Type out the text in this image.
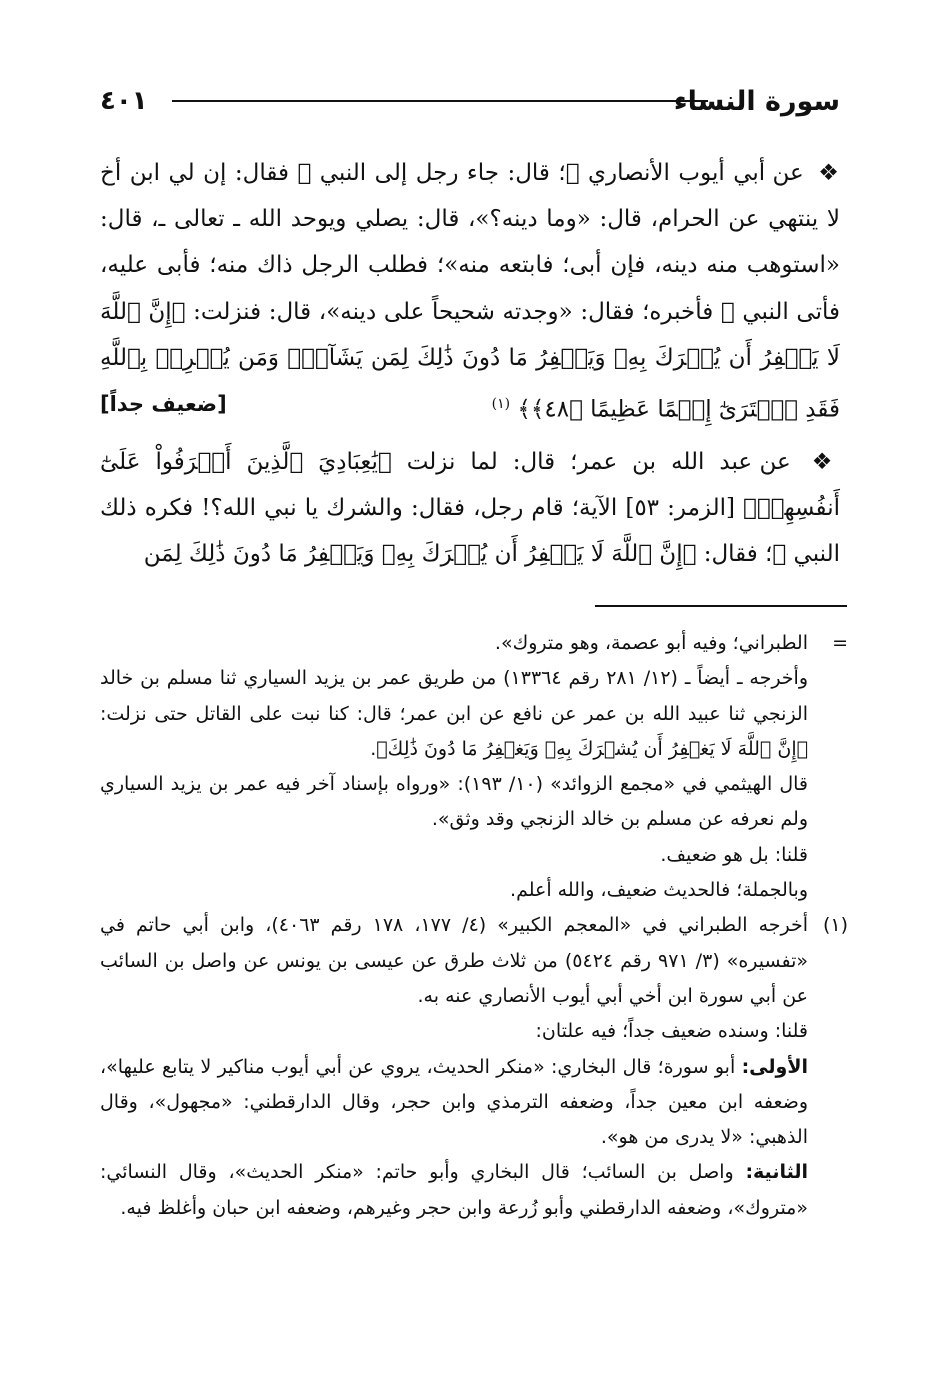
سورة النساء
٤٠١

❖ عن أبي أيوب الأنصاري ﷺ؛ قال: جاء رجل إلى النبي ﷺ فقال: إن لي ابن أخ لا ينتهي عن الحرام، قال: «وما دينه؟»، قال: يصلي ويوحد الله ـ تعالى ـ، قال: «استوهب منه دينه، فإن أبى؛ فابتعه منه»؛ فطلب الرجل ذاك منه؛ فأبى عليه، فأتى النبي ﷺ فأخبره؛ فقال: «وجدته شحيحاً على دينه»، قال: فنزلت: ﴿إِنَّ ٱللَّهَ لَا يَغۡفِرُ أَن يُشۡرَكَ بِهِۦ وَيَغۡفِرُ مَا دُونَ ذَٰلِكَ لِمَن يَشَآءُۚ وَمَن يُشۡرِكۡ بِٱللَّهِ فَقَدِ ٱفۡتَرَىٰٓ إِثۡمًا عَظِيمًا ﴿٤٨﴾﴾ $^{(١)}$
[ضعيف جداً]

❖ عن عبد الله بن عمر؛ قال: لما نزلت ﴿يَٰعِبَادِيَ ٱلَّذِينَ أَسۡرَفُواْ عَلَىٰٓ أَنفُسِهِمۡ﴾ [الزمر: ٥٣] الآية؛ قام رجل، فقال: والشرك يا نبي الله؟! فكره ذلك النبي ﷺ؛ فقال: ﴿إِنَّ ٱللَّهَ لَا يَغۡفِرُ أَن يُشۡرَكَ بِهِۦ وَيَغۡفِرُ مَا دُونَ ذَٰلِكَ لِمَن

=

الطبراني؛ وفيه أبو عصمة، وهو متروك».

وأخرجه ـ أيضاً ـ (١٢/ ٢٨١ رقم ١٣٣٦٤) من طريق عمر بن يزيد السياري ثنا مسلم بن خالد الزنجي ثنا عبيد الله بن عمر عن نافع عن ابن عمر؛ قال: كنا نبت على القاتل حتى نزلت: ﴿إِنَّ ٱللَّهَ لَا يَغۡفِرُ أَن يُشۡرَكَ بِهِۦ وَيَغۡفِرُ مَا دُونَ ذَٰلِكَ﴾.

قال الهيثمي في «مجمع الزوائد» (١٠/ ١٩٣): «ورواه بإسناد آخر فيه عمر بن يزيد السياري ولم نعرفه عن مسلم بن خالد الزنجي وقد وثق».

قلنا: بل هو ضعيف.

وبالجملة؛ فالحديث ضعيف، والله أعلم.

(١)

أخرجه الطبراني في «المعجم الكبير» (٤/ ١٧٧، ١٧٨ رقم ٤٠٦٣)، وابن أبي حاتم في «تفسيره» (٣/ ٩٧١ رقم ٥٤٢٤) من ثلاث طرق عن عيسى بن يونس عن واصل بن السائب عن أبي سورة ابن أخي أبي أيوب الأنصاري عنه به.

قلنا: وسنده ضعيف جداً؛ فيه علتان:

الأولى: أبو سورة؛ قال البخاري: «منكر الحديث، يروي عن أبي أيوب مناكير لا يتابع عليها»، وضعفه ابن معين جداً، وضعفه الترمذي وابن حجر، وقال الدارقطني: «مجهول»، وقال الذهبي: «لا يدرى من هو».

الثانية: واصل بن السائب؛ قال البخاري وأبو حاتم: «منكر الحديث»، وقال النسائي: «متروك»، وضعفه الدارقطني وأبو زُرعة وابن حجر وغيرهم، وضعفه ابن حبان وأغلظ فيه.
